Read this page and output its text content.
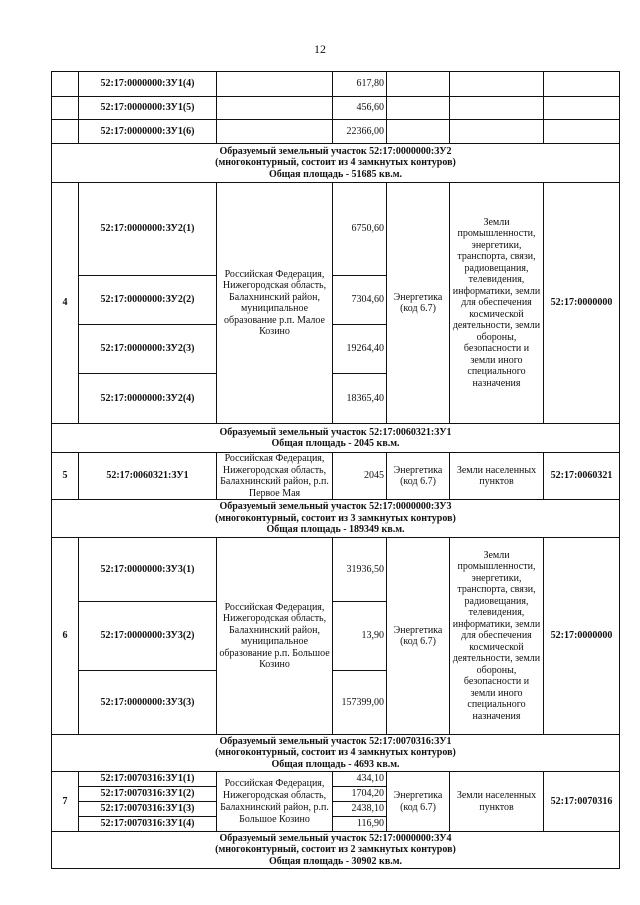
12
	52:17:0000000:ЗУ1(4)		617,80			
	52:17:0000000:ЗУ1(5)		456,60			
	52:17:0000000:ЗУ1(6)		22366,00			

Образуемый земельный участок 52:17:0000000:ЗУ2
(многоконтурный, состоит из 4 замкнутых контуров)
Общая площадь - 51685 кв.м.						

4	52:17:0000000:ЗУ2(1)	Российская Федерация, Нижегородская область, Балахнинский район, муниципальное образование р.п. Малое Козино	6750,60	Энергетика (код 6.7)	Земли промышленности, энергетики, транспорта, связи, радиовещания, телевидения, информатики, земли для обеспечения космической деятельности, земли обороны, безопасности и земли иного специального назначения	52:17:0000000
	52:17:0000000:ЗУ2(2)		7304,60			
	52:17:0000000:ЗУ2(3)		19264,40			
	52:17:0000000:ЗУ2(4)		18365,40			

Образуемый земельный участок 52:17:0060321:ЗУ1
Общая площадь - 2045 кв.м.						

5	52:17:0060321:ЗУ1	Российская Федерация, Нижегородская область, Балахнинский район, р.п. Первое Мая	2045	Энергетика (код 6.7)	Земли населенных пунктов	52:17:0060321

Образуемый земельный участок 52:17:0000000:ЗУ3
(многоконтурный, состоит из 3 замкнутых контуров)
Общая площадь - 189349 кв.м.						

6	52:17:0000000:ЗУ3(1)	Российская Федерация, Нижегородская область, Балахнинский район, муниципальное образование р.п. Большое Козино	31936,50	Энергетика (код 6.7)	Земли промышленности, энергетики, транспорта, связи, радиовещания, телевидения, информатики, земли для обеспечения космической деятельности, земли обороны, безопасности и земли иного специального назначения	52:17:0000000
	52:17:0000000:ЗУ3(2)		13,90			
	52:17:0000000:ЗУ3(3)		157399,00			

Образуемый земельный участок 52:17:0070316:ЗУ1
(многоконтурный, состоит из 4 замкнутых контуров)
Общая площадь - 4693 кв.м.						

7	52:17:0070316:ЗУ1(1)	Российская Федерация, Нижегородская область, Балахнинский район, р.п. Большое Козино	434,10	Энергетика (код 6.7)	Земли населенных пунктов	52:17:0070316
	52:17:0070316:ЗУ1(2)		1704,20			
	52:17:0070316:ЗУ1(3)		2438,10			
	52:17:0070316:ЗУ1(4)		116,90			

Образуемый земельный участок 52:17:0000000:ЗУ4
(многоконтурный, состоит из 2 замкнутых контуров)
Общая площадь - 30902 кв.м.						
